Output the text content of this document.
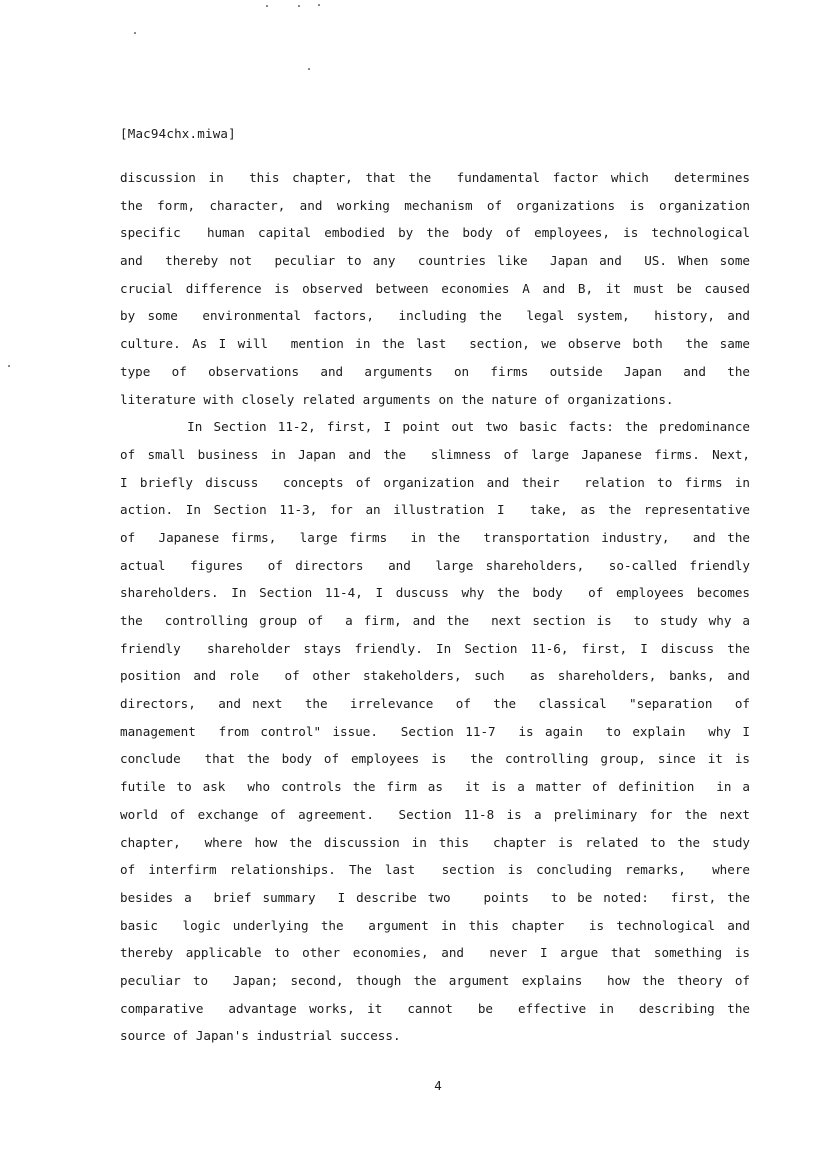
[Mac94chx.miwa]
discussion in  this chapter, that the  fundamental factor which  determines
the form, character, and working mechanism of organizations is organization
specific  human capital embodied by the body of employees, is technological
and  thereby not  peculiar to any  countries like  Japan and  US. When some
crucial difference is observed between economies A and B, it must be caused
by some  environmental factors,  including the  legal system,  history, and
culture. As I will  mention in the last  section, we observe both  the same
type  of  observations  and  arguments  on  firms  outside  Japan  and  the
literature with closely related arguments on the nature of organizations.
In Section 11-2, first, I point out two basic facts: the predominance
of small business in Japan and the  slimness of large Japanese firms. Next,
I briefly discuss  concepts of organization and their  relation to firms in
action. In Section 11-3, for an illustration I  take, as the representative
of  Japanese firms,  large firms  in the  transportation industry,  and the
actual  figures  of directors  and  large shareholders,  so-called friendly
shareholders. In Section 11-4, I duscuss why the body  of employees becomes
the  controlling group of  a firm, and the  next section is  to study why a
friendly  shareholder stays friendly. In Section 11-6, first, I discuss the
position and role  of other stakeholders, such  as shareholders, banks, and
directors,  and next  the  irrelevance  of  the  classical  "separation  of
management  from control" issue.  Section 11-7  is again  to explain  why I
conclude  that the body of employees is  the controlling group, since it is
futile to ask  who controls the firm as  it is a matter of definition  in a
world of exchange of agreement.  Section 11-8 is a preliminary for the next
chapter,  where how the discussion in this  chapter is related to the study
of interfirm relationships. The last  section is concluding remarks,  where
besides a  brief summary  I describe two   points  to be noted:  first, the
basic  logic underlying the  argument in this chapter  is technological and
thereby applicable to other economies, and  never I argue that something is
peculiar to  Japan; second, though the argument explains  how the theory of
comparative  advantage works, it  cannot  be  effective in  describing the
source of Japan's industrial success.
4
